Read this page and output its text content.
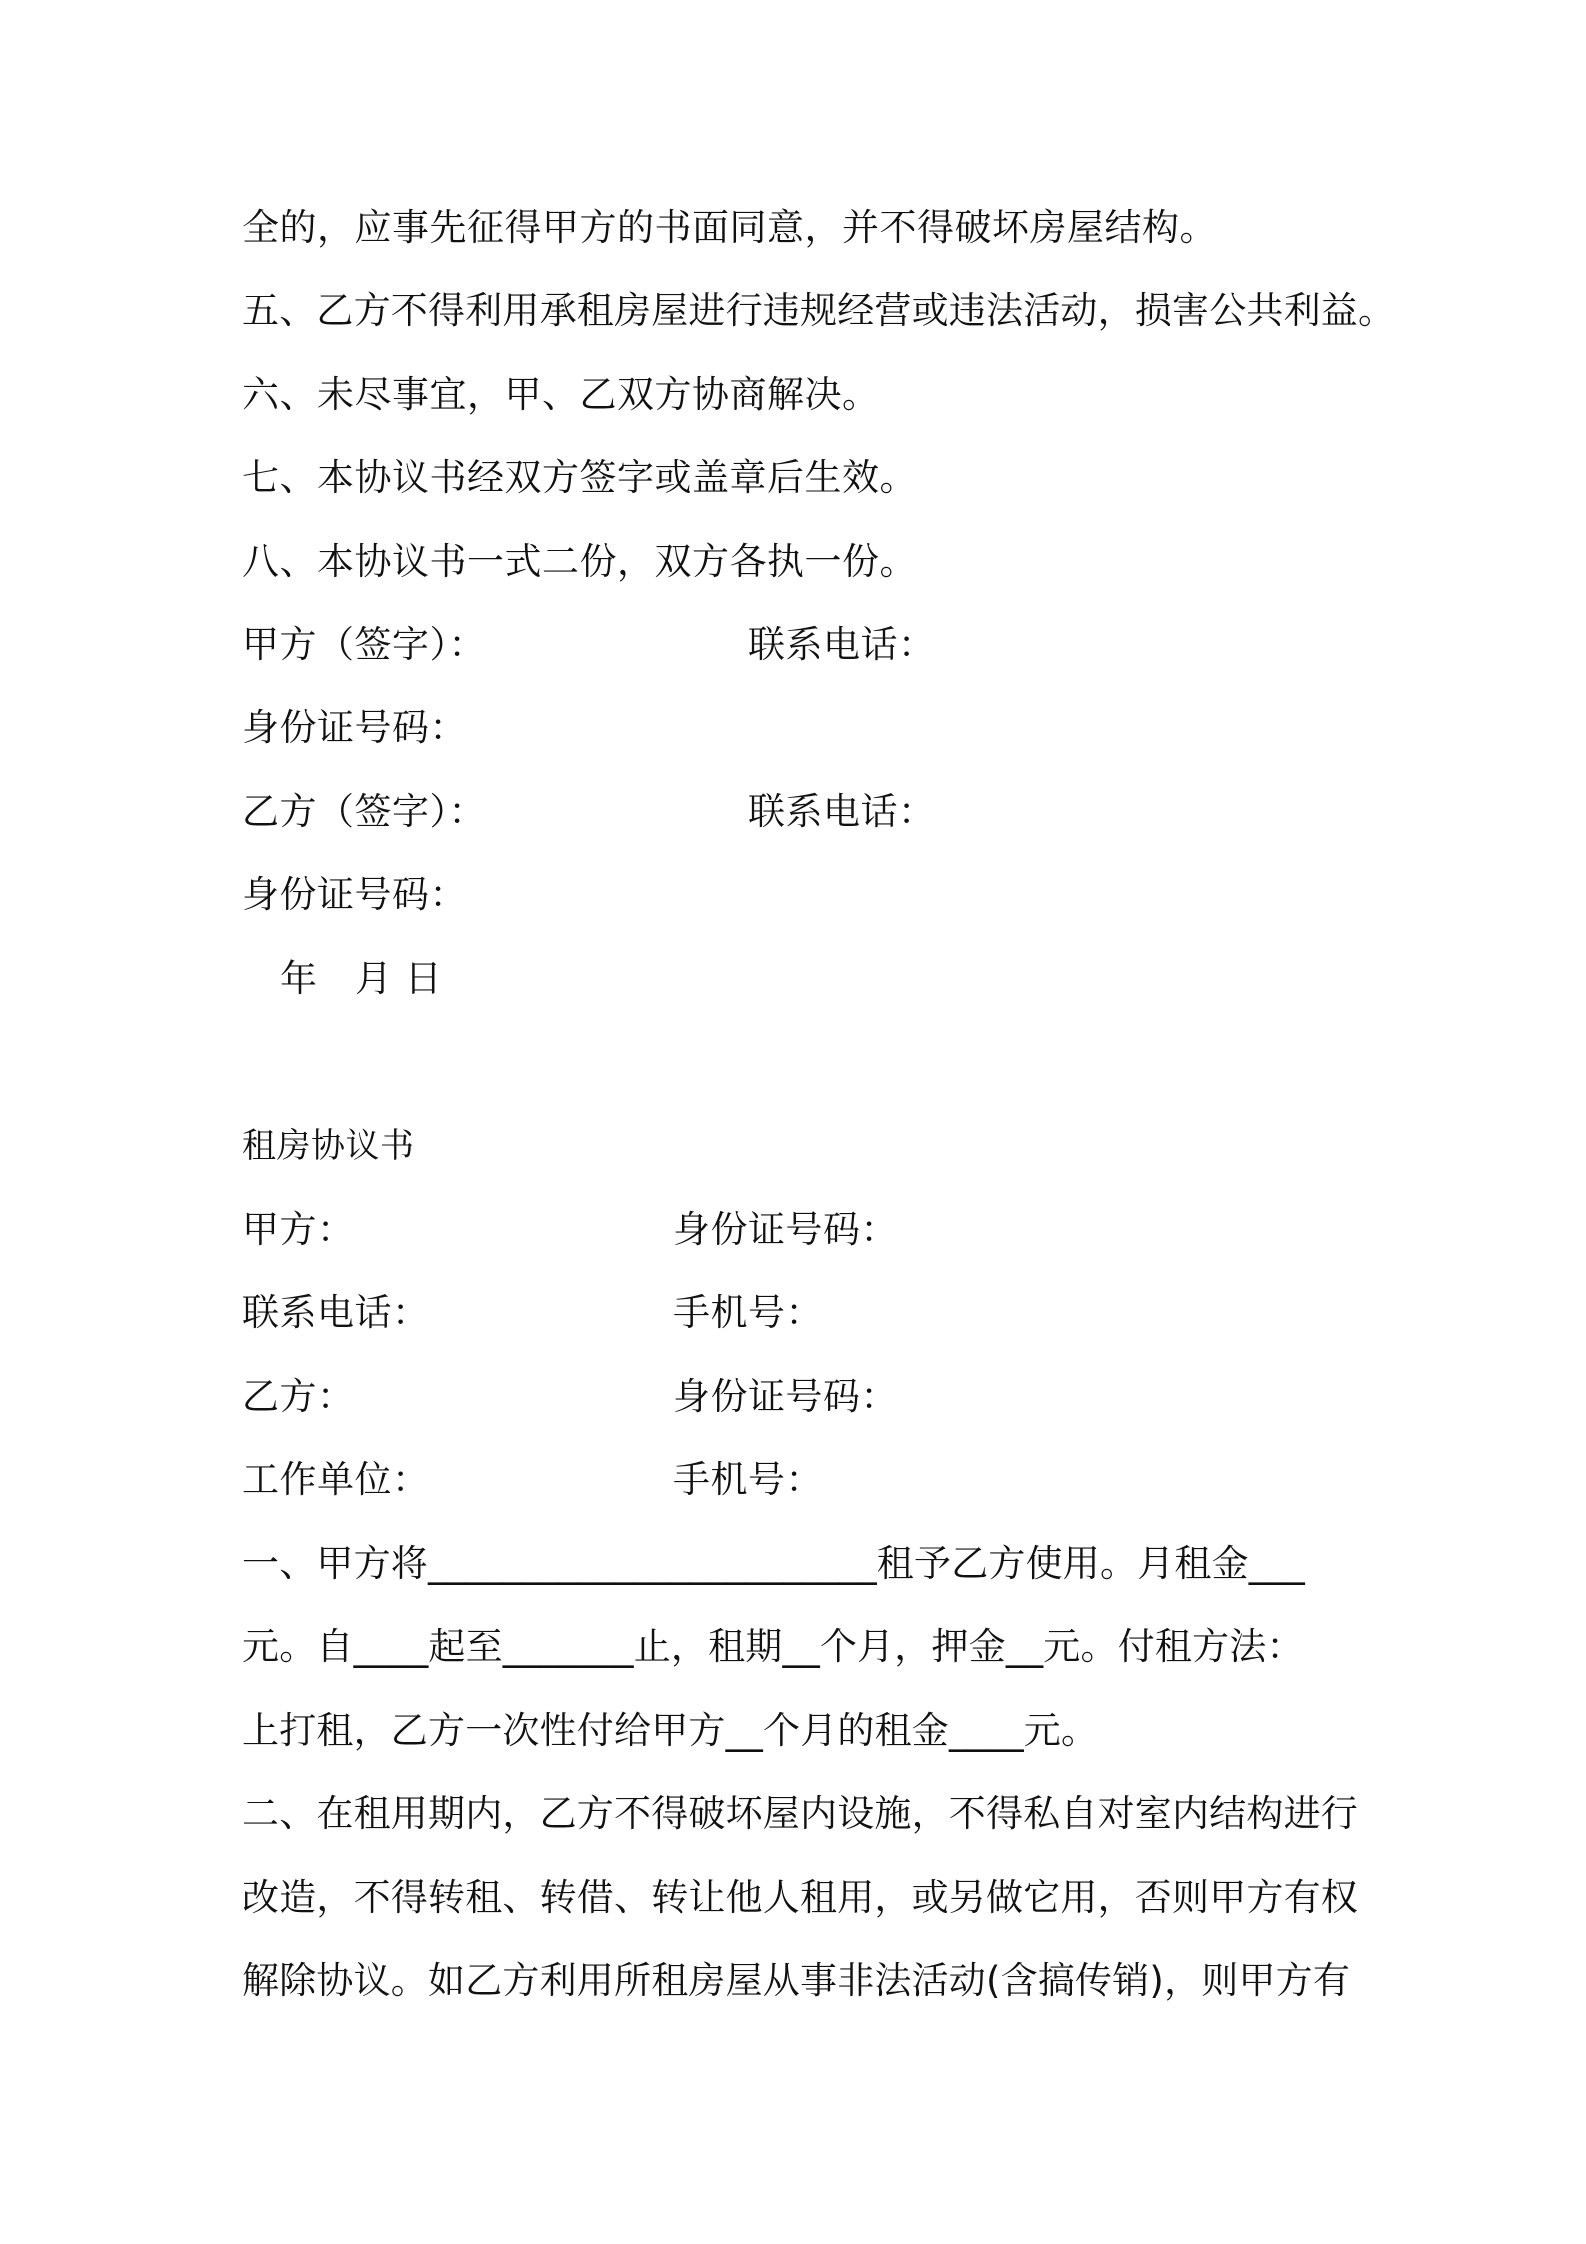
全的，应事先征得甲方的书面同意，并不得破坏房屋结构。
五、乙方不得利用承租房屋进行违规经营或违法活动，损害公共利益。
六、未尽事宜，甲、乙双方协商解决。
七、本协议书经双方签字或盖章后生效。
八、本协议书一式二份，双方各执一份。
甲方（签字）：	联系电话：
身份证号码：
乙方（签字）：	联系电话：
身份证号码：
年　月 日
租房协议书
甲方：	身份证号码：
联系电话：	手机号：
乙方：	身份证号码：
工作单位：	手机号：
一、甲方将________________________租予乙方使用。月租金___
元。自____起至_______止，租期__个月，押金__元。付租方法：
上打租，乙方一次性付给甲方__个月的租金____元。
二、在租用期内，乙方不得破坏屋内设施，不得私自对室内结构进行
改造，不得转租、转借、转让他人租用，或另做它用，否则甲方有权
解除协议。如乙方利用所租房屋从事非法活动(含搞传销)，则甲方有
